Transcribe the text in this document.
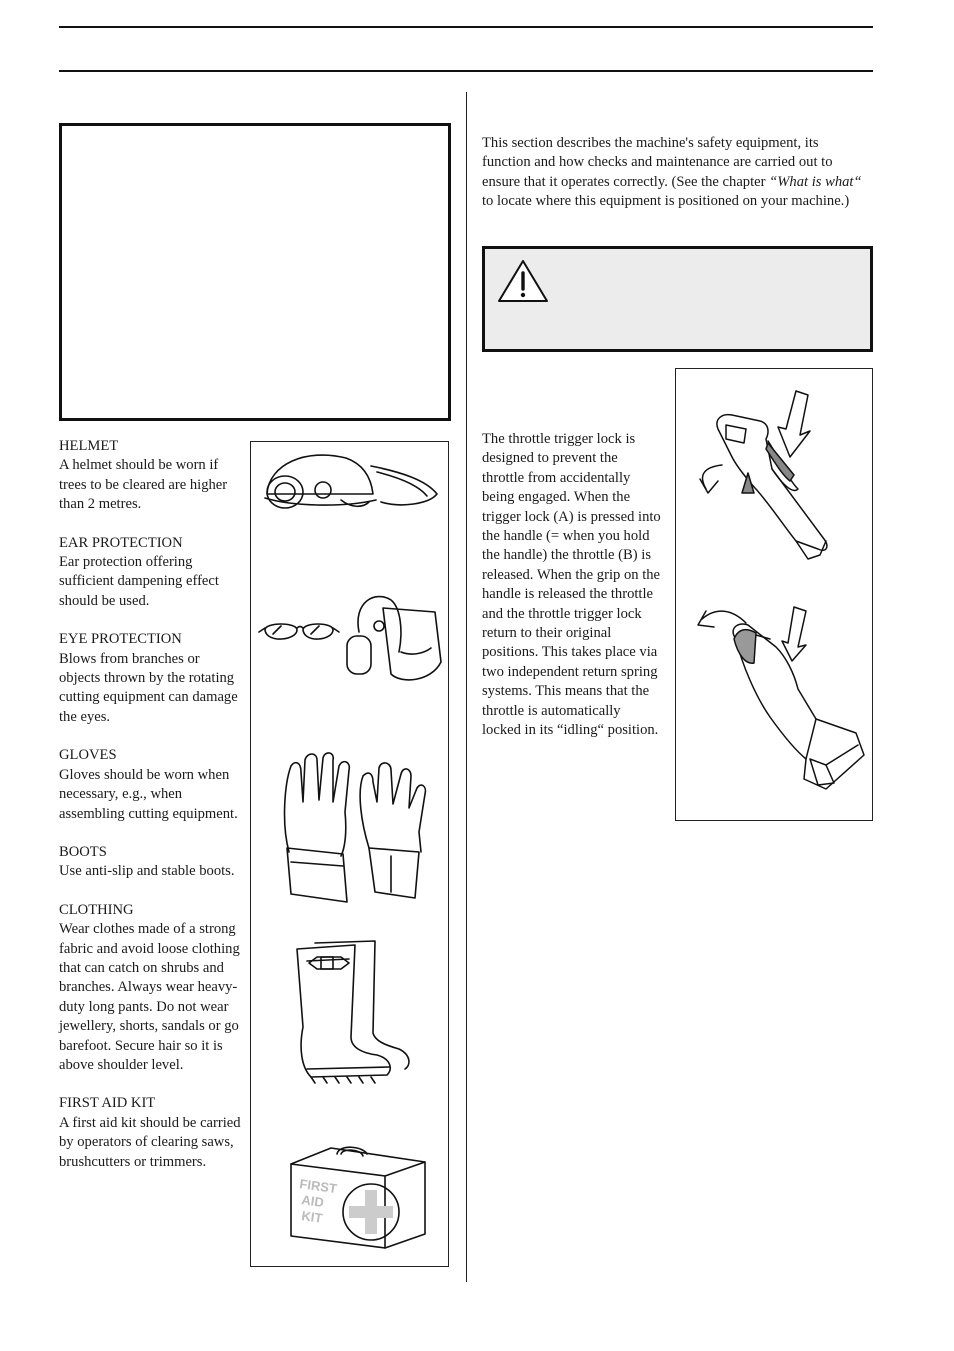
HELMET
A helmet should be worn if trees to be cleared are higher than 2 metres.
EAR PROTECTION
Ear protection offering sufficient dampening effect should be used.
EYE PROTECTION
Blows from branches or objects thrown by the rotating cutting equipment can damage the eyes.
GLOVES
Gloves should be worn when necessary, e.g., when assembling cutting equipment.
BOOTS
Use anti-slip and stable boots.
CLOTHING
Wear clothes made of a strong fabric and avoid loose clothing that can catch on shrubs and branches. Always wear heavy-duty long pants. Do not wear jewellery, shorts, sandals or go barefoot. Secure hair so it is above shoulder level.
FIRST AID KIT
A first aid kit should be carried by operators of clearing saws, brushcutters or trimmers.
FIRST
AID
KIT
This section describes the machine's safety equipment, its function and how checks and maintenance are carried out to ensure that it operates correctly. (See the chapter “What is what“ to locate where this equipment is positioned on your machine.)
The throttle trigger lock is designed to prevent the throttle from accidentally being engaged. When the trigger lock (A) is pressed into the handle (= when you hold the handle) the throttle (B) is released. When the grip on the handle is released the throttle and the throttle trigger lock return to their original positions. This takes place via two independent return spring systems. This means that the throttle is automatically locked in its “idling“ position.
